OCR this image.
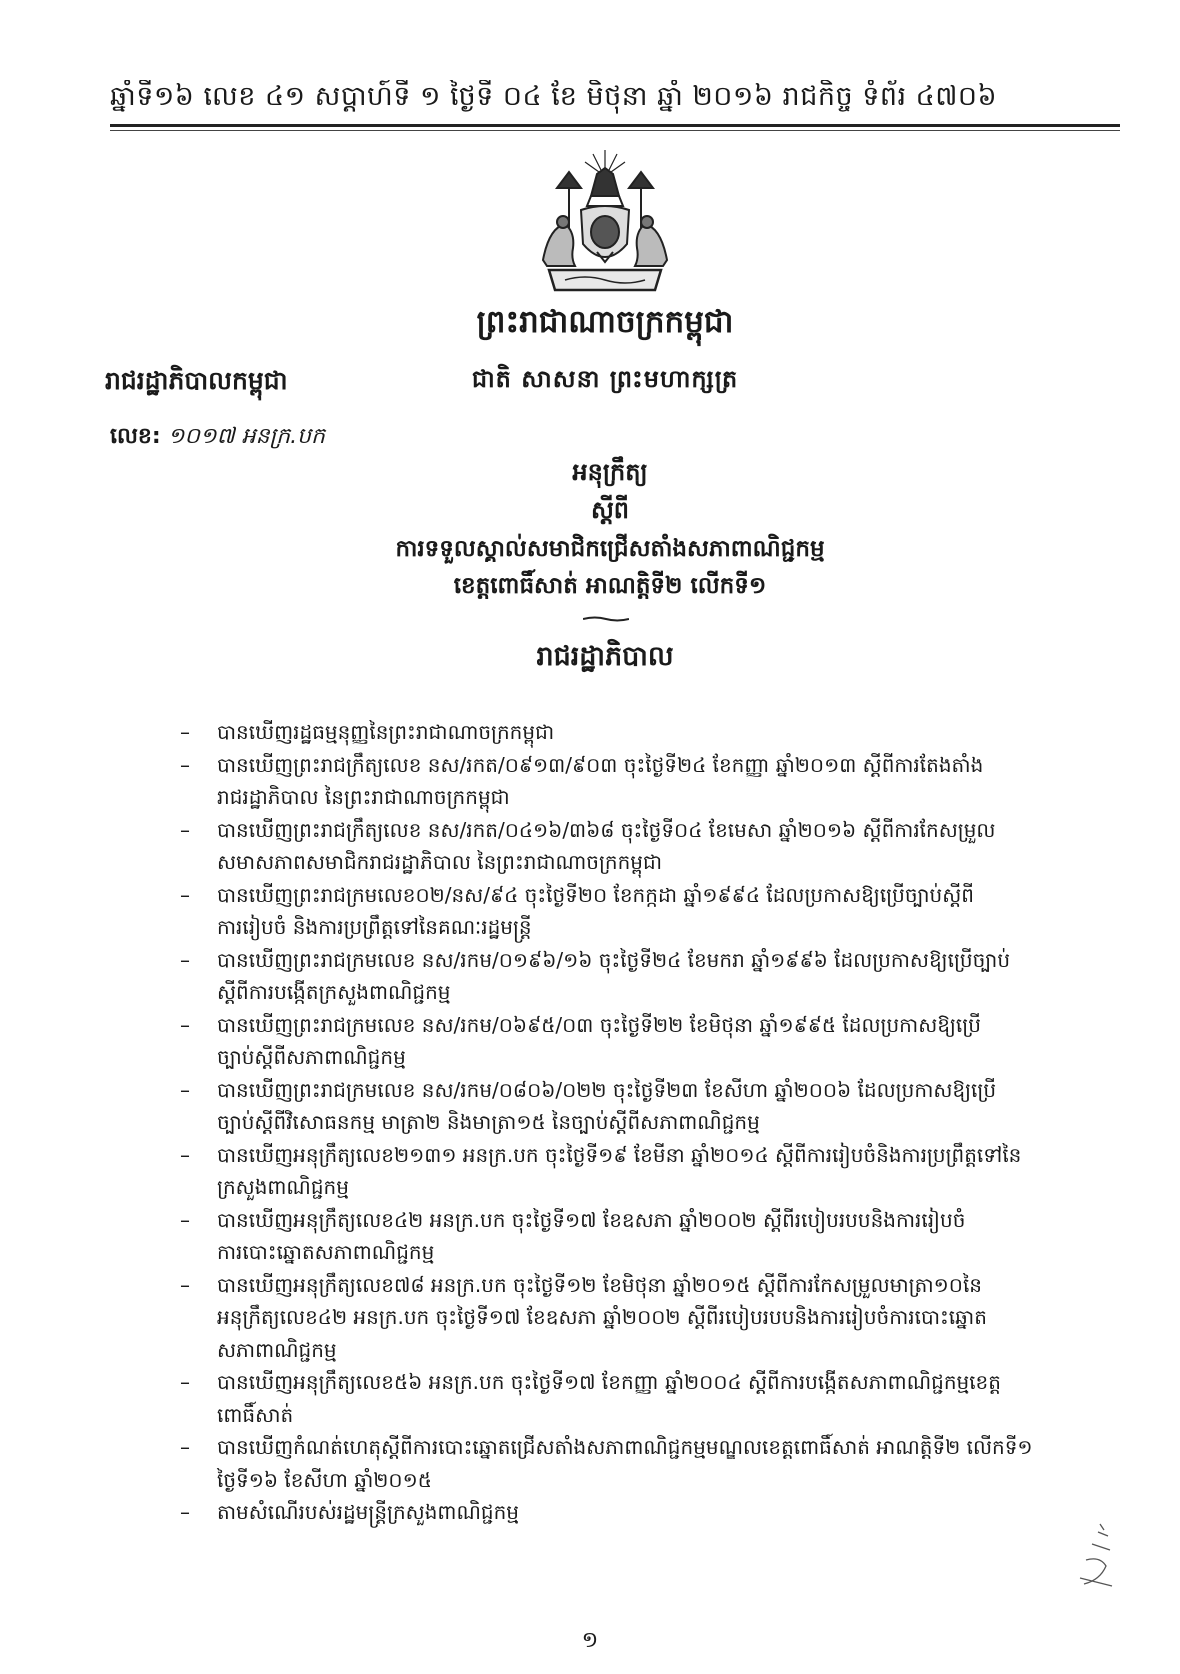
ឆ្នាំទី១៦ លេខ ៤១ សប្តាហ៍ទី ១ ថ្ងៃទី ០៤ ខែ មិថុនា ឆ្នាំ ២០១៦ រាជកិច្ច ទំព័រ ៤៧០៦
ព្រះរាជាណាចក្រកម្ពុជា
ជាតិ សាសនា ព្រះមហាក្សត្រ
រាជរដ្ឋាភិបាលកម្ពុជា
លេខ: ១០១៧ អនក្រ.បក
អនុក្រឹត្យ
ស្តីពី
ការទទួលស្គាល់សមាជិកជ្រើសតាំងសភាពាណិជ្ជកម្ម
ខេត្តពោធិ៍សាត់ អាណត្តិទី២ លើកទី១
រាជរដ្ឋាភិបាល
– បានឃើញរដ្ឋធម្មនុញ្ញនៃព្រះរាជាណាចក្រកម្ពុជា
– បានឃើញព្រះរាជក្រឹត្យលេខ នស/រកត/០៩១៣/៩០៣ ចុះថ្ងៃទី២៤ ខែកញ្ញា ឆ្នាំ២០១៣ ស្តីពីការតែងតាំង
រាជរដ្ឋាភិបាល នៃព្រះរាជាណាចក្រកម្ពុជា
– បានឃើញព្រះរាជក្រឹត្យលេខ នស/រកត/០៤១៦/៣៦៨ ចុះថ្ងៃទី០៤ ខែមេសា ឆ្នាំ២០១៦ ស្តីពីការកែសម្រួល
សមាសភាពសមាជិករាជរដ្ឋាភិបាល នៃព្រះរាជាណាចក្រកម្ពុជា
– បានឃើញព្រះរាជក្រមលេខ០២/នស/៩៤ ចុះថ្ងៃទី២០ ខែកក្កដា ឆ្នាំ១៩៩៤ ដែលប្រកាសឱ្យប្រើច្បាប់ស្តីពី
ការរៀបចំ និងការប្រព្រឹត្តទៅនៃគណៈរដ្ឋមន្ត្រី
– បានឃើញព្រះរាជក្រមលេខ នស/រកម/០១៩៦/១៦ ចុះថ្ងៃទី២៤ ខែមករា ឆ្នាំ១៩៩៦ ដែលប្រកាសឱ្យប្រើច្បាប់
ស្តីពីការបង្កើតក្រសួងពាណិជ្ជកម្ម
– បានឃើញព្រះរាជក្រមលេខ នស/រកម/០៦៩៥/០៣ ចុះថ្ងៃទី២២ ខែមិថុនា ឆ្នាំ១៩៩៥ ដែលប្រកាសឱ្យប្រើ
ច្បាប់ស្តីពីសភាពាណិជ្ជកម្ម
– បានឃើញព្រះរាជក្រមលេខ នស/រកម/០៨០៦/០២២ ចុះថ្ងៃទី២៣ ខែសីហា ឆ្នាំ២០០៦ ដែលប្រកាសឱ្យប្រើ
ច្បាប់ស្តីពីវិសោធនកម្ម មាត្រា២ និងមាត្រា១៥ នៃច្បាប់ស្តីពីសភាពាណិជ្ជកម្ម
– បានឃើញអនុក្រឹត្យលេខ២១៣១ អនក្រ.បក ចុះថ្ងៃទី១៩ ខែមីនា ឆ្នាំ២០១៤ ស្តីពីការរៀបចំនិងការប្រព្រឹត្តទៅនៃ
ក្រសួងពាណិជ្ជកម្ម
– បានឃើញអនុក្រឹត្យលេខ៤២ អនក្រ.បក ចុះថ្ងៃទី១៧ ខែឧសភា ឆ្នាំ២០០២ ស្តីពីរបៀបរបបនិងការរៀបចំ
ការបោះឆ្នោតសភាពាណិជ្ជកម្ម
– បានឃើញអនុក្រឹត្យលេខ៧៨ អនក្រ.បក ចុះថ្ងៃទី១២ ខែមិថុនា ឆ្នាំ២០១៥ ស្តីពីការកែសម្រួលមាត្រា១០នៃ
អនុក្រឹត្យលេខ៤២ អនក្រ.បក ចុះថ្ងៃទី១៧ ខែឧសភា ឆ្នាំ២០០២ ស្តីពីរបៀបរបបនិងការរៀបចំការបោះឆ្នោត
សភាពាណិជ្ជកម្ម
– បានឃើញអនុក្រឹត្យលេខ៥៦ អនក្រ.បក ចុះថ្ងៃទី១៧ ខែកញ្ញា ឆ្នាំ២០០៤ ស្តីពីការបង្កើតសភាពាណិជ្ជកម្មខេត្ត
ពោធិ៍សាត់
– បានឃើញកំណត់ហេតុស្តីពីការបោះឆ្នោតជ្រើសតាំងសភាពាណិជ្ជកម្មមណ្ឌលខេត្តពោធិ៍សាត់ អាណត្តិទី២ លើកទី១
ថ្ងៃទី១៦ ខែសីហា ឆ្នាំ២០១៥
– តាមសំណើរបស់រដ្ឋមន្ត្រីក្រសួងពាណិជ្ជកម្ម
១
